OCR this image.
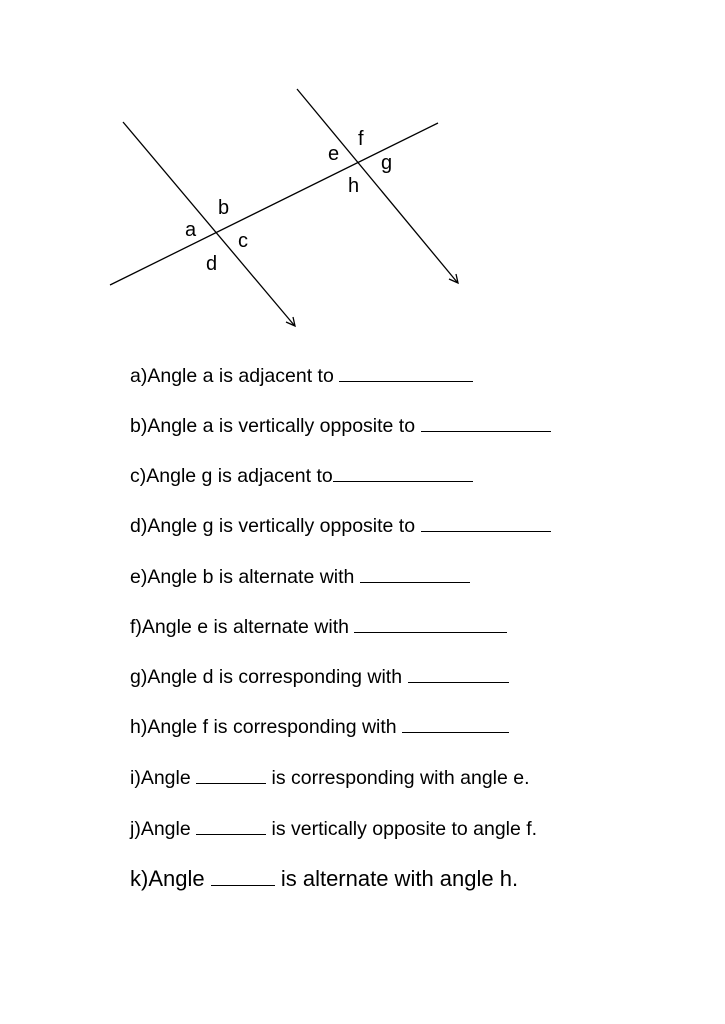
a
b
c
d
e
f
g
h
a)Angle a is adjacent to
b)Angle a is vertically opposite to
c)Angle g is adjacent to
d)Angle g is vertically opposite to
e)Angle b is alternate with
f)Angle e is alternate with
g)Angle d is corresponding with
h)Angle f is corresponding with
i)Angle	is corresponding with angle e.
j)Angle	is vertically opposite to angle f.
k)Angle	is alternate with angle h.
